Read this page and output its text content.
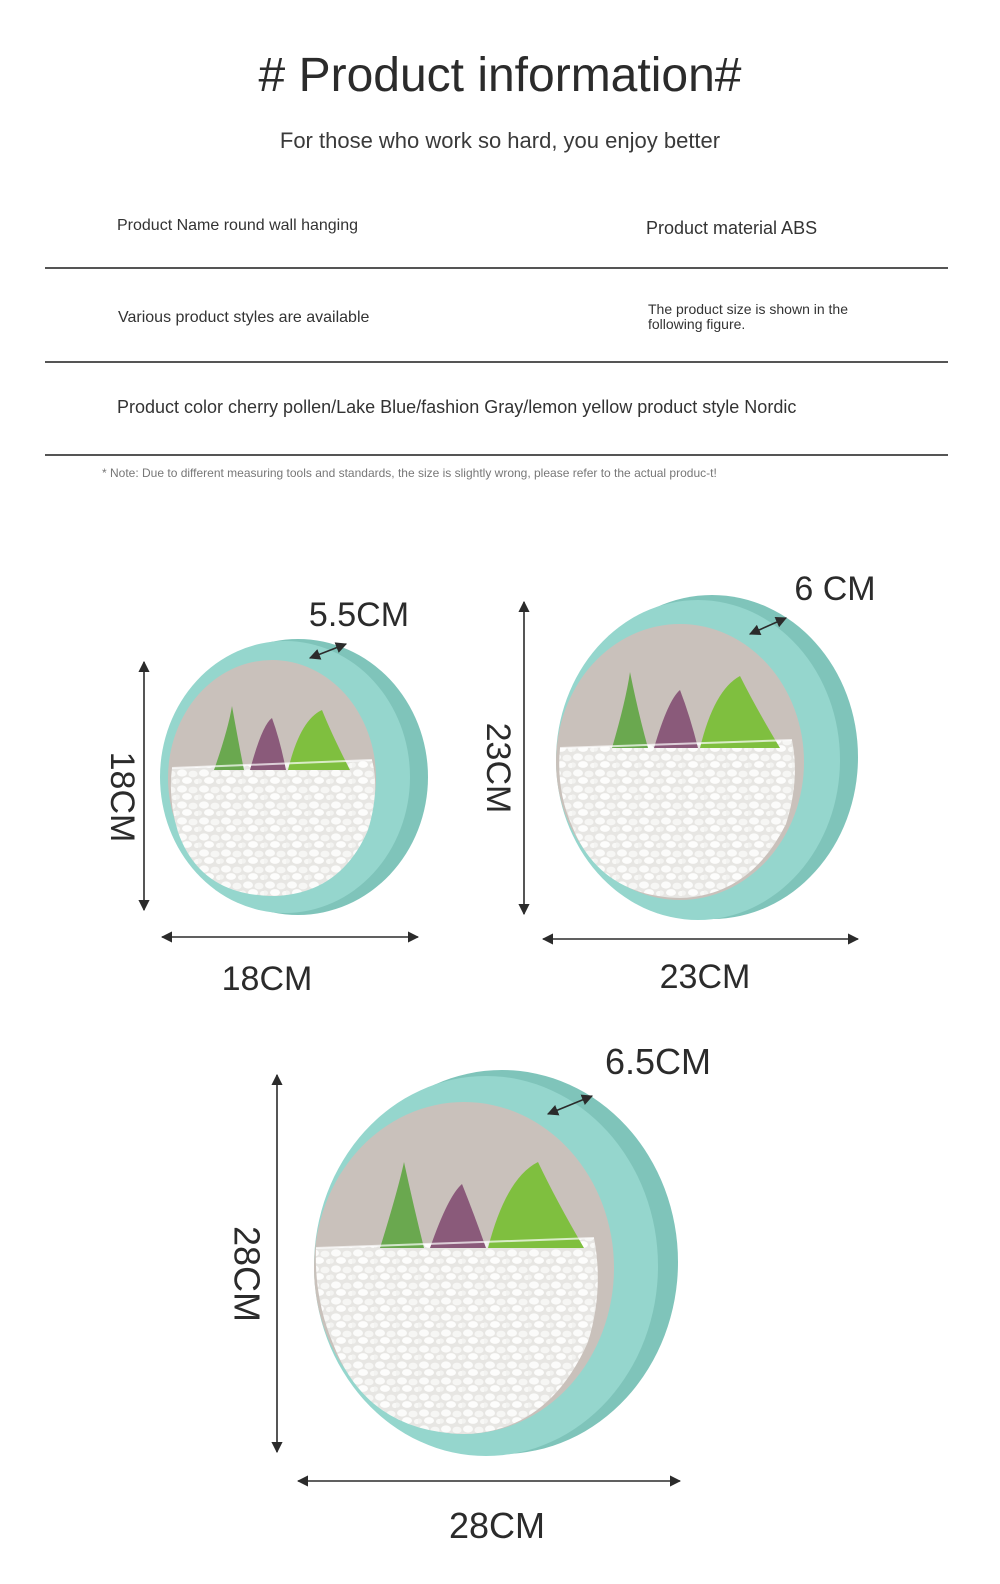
# Product information#
For those who work so hard, you enjoy better
Product Name round wall hanging	Product material ABS
Various product styles are available	The product size is shown in the following figure.
Product color cherry pollen/Lake Blue/fashion Gray/lemon yellow product style Nordic
* Note: Due to different measuring tools and standards, the size is slightly wrong, please refer to the actual produc-t!
18CM
18CM
5.5CM
23CM
23CM
6 CM
28CM
28CM
6.5CM
